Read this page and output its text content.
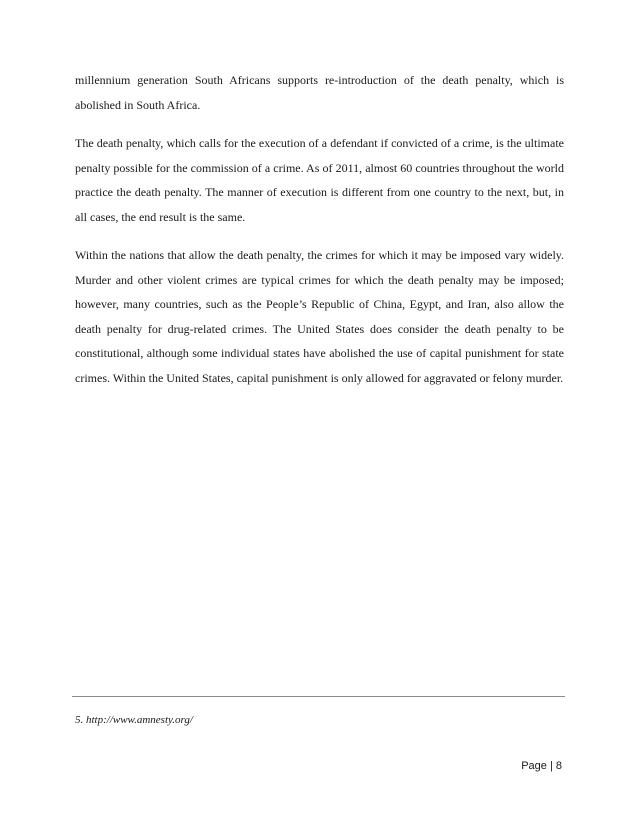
millennium generation South Africans supports re-introduction of the death penalty, which is abolished in South Africa.

The death penalty, which calls for the execution of a defendant if convicted of a crime, is the ultimate penalty possible for the commission of a crime. As of 2011, almost 60 countries throughout the world practice the death penalty. The manner of execution is different from one country to the next, but, in all cases, the end result is the same.

Within the nations that allow the death penalty, the crimes for which it may be imposed vary widely. Murder and other violent crimes are typical crimes for which the death penalty may be imposed; however, many countries, such as the People’s Republic of China, Egypt, and Iran, also allow the death penalty for drug-related crimes. The United States does consider the death penalty to be constitutional, although some individual states have abolished the use of capital punishment for state crimes. Within the United States, capital punishment is only allowed for aggravated or felony murder.

5. http://www.amnesty.org/
Page | 8
